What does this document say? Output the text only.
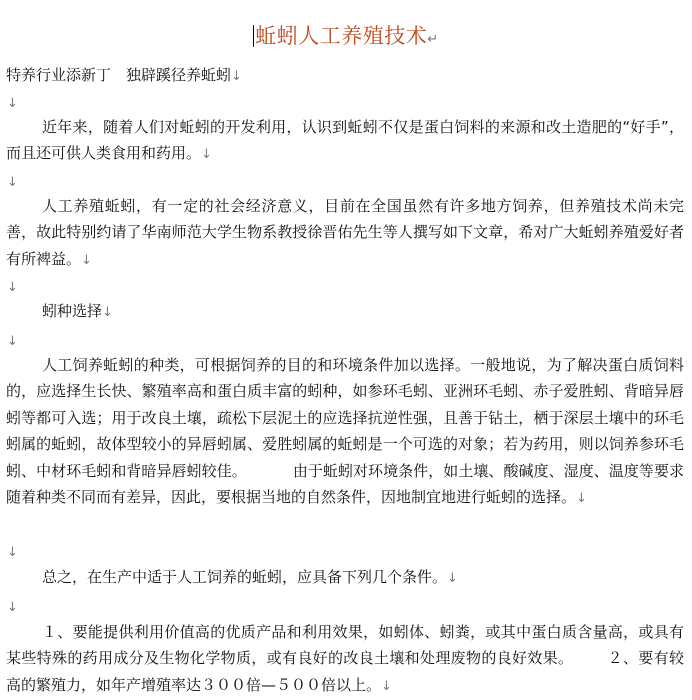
蚯蚓人工养殖技术↵
特养行业添新丁　独辟蹊径养蚯蚓↓
↓

近年来，随着人们对蚯蚓的开发利用，认识到蚯蚓不仅是蛋白饲料的来源和改土造肥的“好手”，而且还可供人类食用和药用。↓

↓

人工养殖蚯蚓，有一定的社会经济意义，目前在全国虽然有许多地方饲养，但养殖技术尚未完善，故此特别约请了华南师范大学生物系教授徐晋佑先生等人撰写如下文章，希对广大蚯蚓养殖爱好者有所裨益。↓

↓

蚓种选择↓

↓

人工饲养蚯蚓的种类，可根据饲养的目的和环境条件加以选择。一般地说，为了解决蛋白质饲料的，应选择生长快、繁殖率高和蛋白质丰富的蚓种，如参环毛蚓、亚洲环毛蚓、赤子爱胜蚓、背暗异唇蚓等都可入选；用于改良土壤，疏松下层泥土的应选择抗逆性强，且善于钻土，栖于深层土壤中的环毛蚓属的蚯蚓，故体型较小的异唇蚓属、爱胜蚓属的蚯蚓是一个可选的对象；若为药用，则以饲养参环毛蚓、中材环毛蚓和背暗异唇蚓较佳。	由于蚯蚓对环境条件，如土壤、酸碱度、湿度、温度等要求随着种类不同而有差异，因此，要根据当地的自然条件，因地制宜地进行蚯蚓的选择。↓

↓

总之，在生产中适于人工饲养的蚯蚓，应具备下列几个条件。↓

↓

１、要能提供利用价值高的优质产品和利用效果，如蚓体、蚓粪，或其中蛋白质含量高，或具有某些特殊的药用成分及生物化学物质，或有良好的改良土壤和处理废物的良好效果。 ２、要有较高的繁殖力，如年产增殖率达３００倍—５００倍以上。↓
